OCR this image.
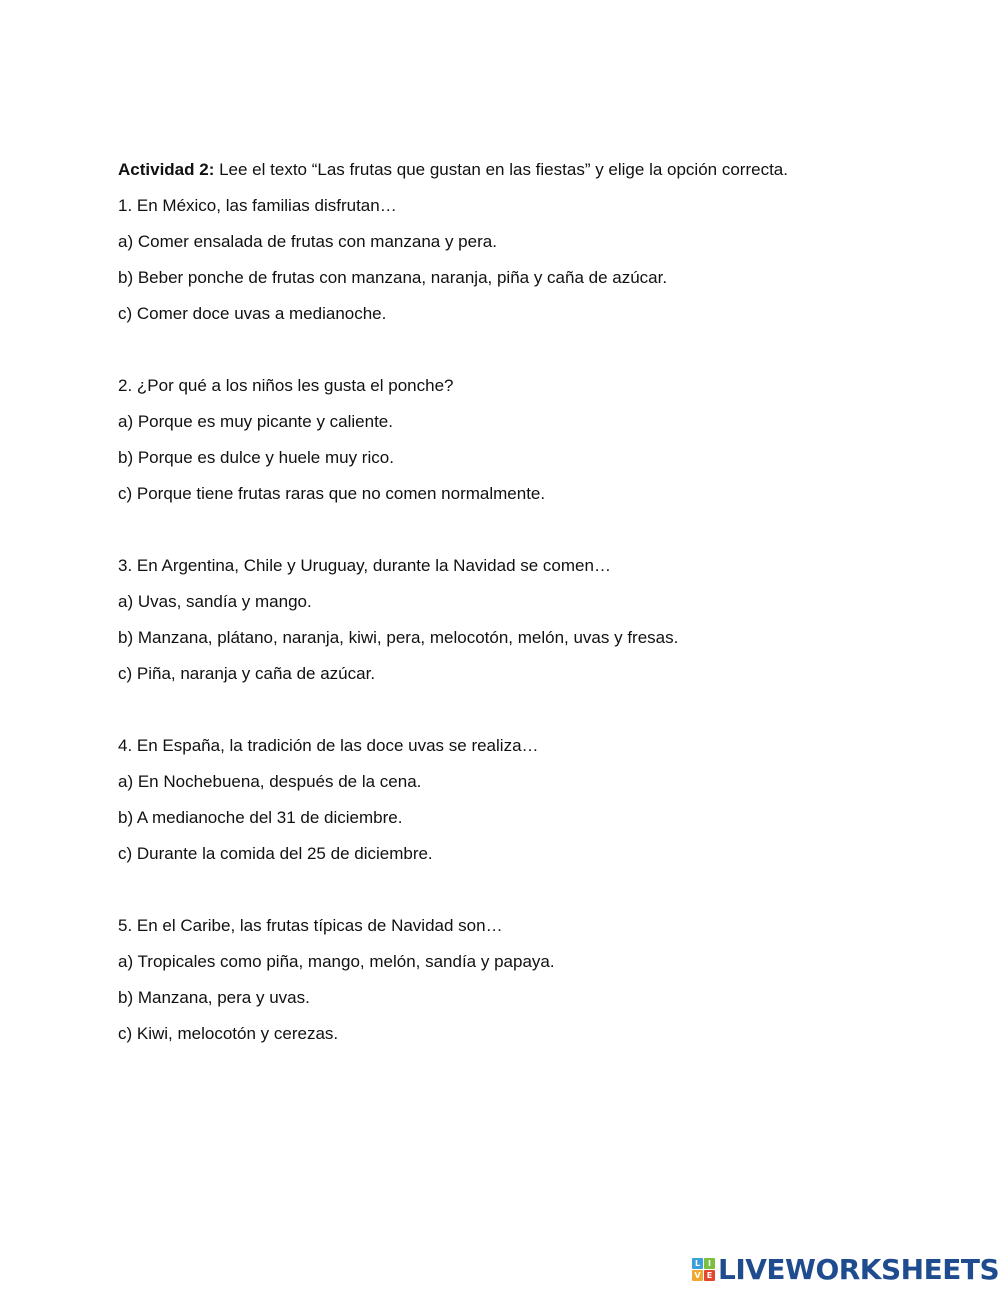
Actividad 2: Lee el texto “Las frutas que gustan en las fiestas” y elige la opción correcta.
1. En México, las familias disfrutan…
a) Comer ensalada de frutas con manzana y pera.
b) Beber ponche de frutas con manzana, naranja, piña y caña de azúcar.
c) Comer doce uvas a medianoche.
2. ¿Por qué a los niños les gusta el ponche?
a) Porque es muy picante y caliente.
b) Porque es dulce y huele muy rico.
c) Porque tiene frutas raras que no comen normalmente.
3. En Argentina, Chile y Uruguay, durante la Navidad se comen…
a) Uvas, sandía y mango.
b) Manzana, plátano, naranja, kiwi, pera, melocotón, melón, uvas y fresas.
c) Piña, naranja y caña de azúcar.
4. En España, la tradición de las doce uvas se realiza…
a) En Nochebuena, después de la cena.
b) A medianoche del 31 de diciembre.
c) Durante la comida del 25 de diciembre.
5. En el Caribe, las frutas típicas de Navidad son…
a) Tropicales como piña, mango, melón, sandía y papaya.
b) Manzana, pera y uvas.
c) Kiwi, melocotón y cerezas.
L I
V E LIVEWORKSHEETS
